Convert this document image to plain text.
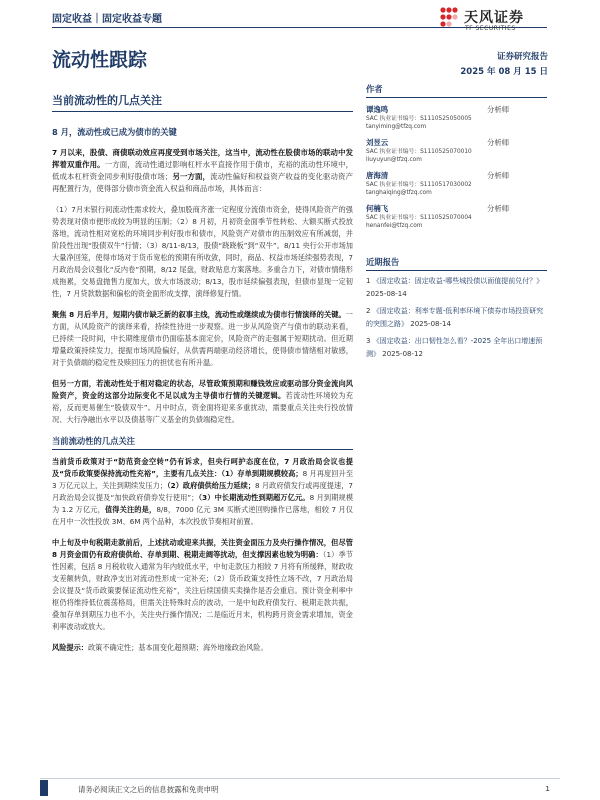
固定收益｜固定收益专题	天风证券
TF SECURITIES
流动性跟踪	证券研究报告
2025 年 08 月 15 日
当前流动性的几点关注
8 月，流动性或已成为债市的关键

7 月以来，股债、商债联动效应再度受到市场关注，这当中，流动性在股债市场的联动中发挥着双重作用。一方面，流动性通过影响杠杆水平直接作用于债市，充裕的流动性环境中，低成本杠杆资金同步利好股债市场；另一方面，流动性偏好和权益资产收益的变化驱动资产再配置行为，使得部分债市资金流入权益和商品市场，具体而言：

（1）7月末银行间流动性需求较大，叠加股商齐涨一定程度分流债市资金，使得风险资产的强势表现对债市便形成较为明显的压制；（2）8 月初，月初资金面季节性转松、大额买断式投放落地，流动性相对宽松的环境同步利好股市和债市，风险资产对债市的压制效应有所减弱，并阶段性出现“股债双牛”行情；（3）8/11-8/13，股债“跷跷板”到“双牛”。8/11 央行公开市场加大量净回笼，使得市场对于货币宽松的预期有所收敛，同时，商品、权益市场延续强势表现，7 月政治局会议强化“反内卷”预期，8/12 尾盘，财政贴息方案落地。多重合力下，对债市情绪形成拖累，交易盘抛售力度加大，放大市场波动；8/13，股市延续偏强表现，但债市显现一定韧性，7 月贷款数据和偏松的资金面形成支撑，演绎修复行情。

聚焦 8 月后半月，短期内债市缺乏新的叙事主线，流动性或继续成为债市行情演绎的关键。一方面，从风险资产的演绎来看，持续性待进一步观察。进一步从风险资产与债市的联动来看，已持续一段时间，中长期维度债市仍面临基本面定价，风险资产的走强属于短期扰动。但近期增量政策持续发力，提振市场风险偏好，从供需两端驱动经济增长，使得债市情绪相对敏感，对于负债端的稳定性及赎回压力的担忧也有所升温。

但另一方面，若流动性处于相对稳定的状态，尽管政策预期和赚钱效应或驱动部分资金流向风险资产，资金的这部分边际变化不足以成为主导债市行情的关键逻辑。若流动性环境较为充裕，反而更易催生“股债双牛”。月中时点，资金面将迎来多重扰动，需要重点关注央行投放情况、大行净融出水平以及债基等广义基金的负债端稳定性。

当前流动性的几点关注

当前货币政策对于“防范资金空转”仍有诉求，但央行呵护态度在位，7 月政治局会议也提及“货币政策要保持流动性充裕”，主要有几点关注：（1）存单到期规模较高；8 月再度回升至 3 万亿元以上，关注到期续发压力；（2）政府债供给压力延续；8 月政府债发行或再度提速，7 月政治局会议提及“加快政府债券发行使用”；（3）中长期流动性到期超万亿元。8 月到期规模为 1.2 万亿元，值得关注的是，8/8，7000 亿元 3M 买断式逆回购操作已落地，相较 7 月仅在月中一次性投放 3M、6M 两个品种，本次投放节奏相对前置。

中上旬及中旬税期走款前后，上述扰动或迎来共振，关注资金面压力及央行操作情况，但尽管 8 月资金面仍有政府债供给、存单到期、税期走阔等扰动，但支撑因素也较为明确：（1）季节性因素，包括 8 月税收收入通常为年内较低水平，中旬走款压力相较 7 月将有所缓释，财政收支差额转负，财政净支出对流动性形成一定补充；（2）货币政策支持性立场不改，7 月政治局会议提及“货币政策要保证流动性充裕”，关注后续国债买卖操作是否会重启。预计资金利率中枢仍将维持低位震荡格局，但需关注特殊时点的波动，一是中旬政府债发行、税期走款共振，叠加存单到期压力也不小，关注央行操作情况；二是临近月末，机构跨月资金需求增加，资金利率波动或放大。

风险提示：政策不确定性；基本面变化超预期；海外地缘政治风险。

作者
谭逸鸣	分析师
SAC 执业证书编号：S1110525050005
tanyiming@tfzq.com
刘昱云	分析师
SAC 执业证书编号：S1110525070010
liuyuyun@tfzq.com
唐海清	分析师
SAC 执业证书编号：S1110517030002
tanghaiqing@tfzq.com
何楠飞	分析师
SAC 执业证书编号：S1110525070004
henanfei@tfzq.com
近期报告
1 《固定收益：固定收益-哪些城投债以面值提前兑付？》 2025-08-14
2 《固定收益：利率专题-低利率环境下债券市场投资研究的突围之路》 2025-08-14
3 《固定收益：出口韧性怎么看？-2025 全年出口增速预测》 2025-08-12
请务必阅读正文之后的信息披露和免责申明	1
